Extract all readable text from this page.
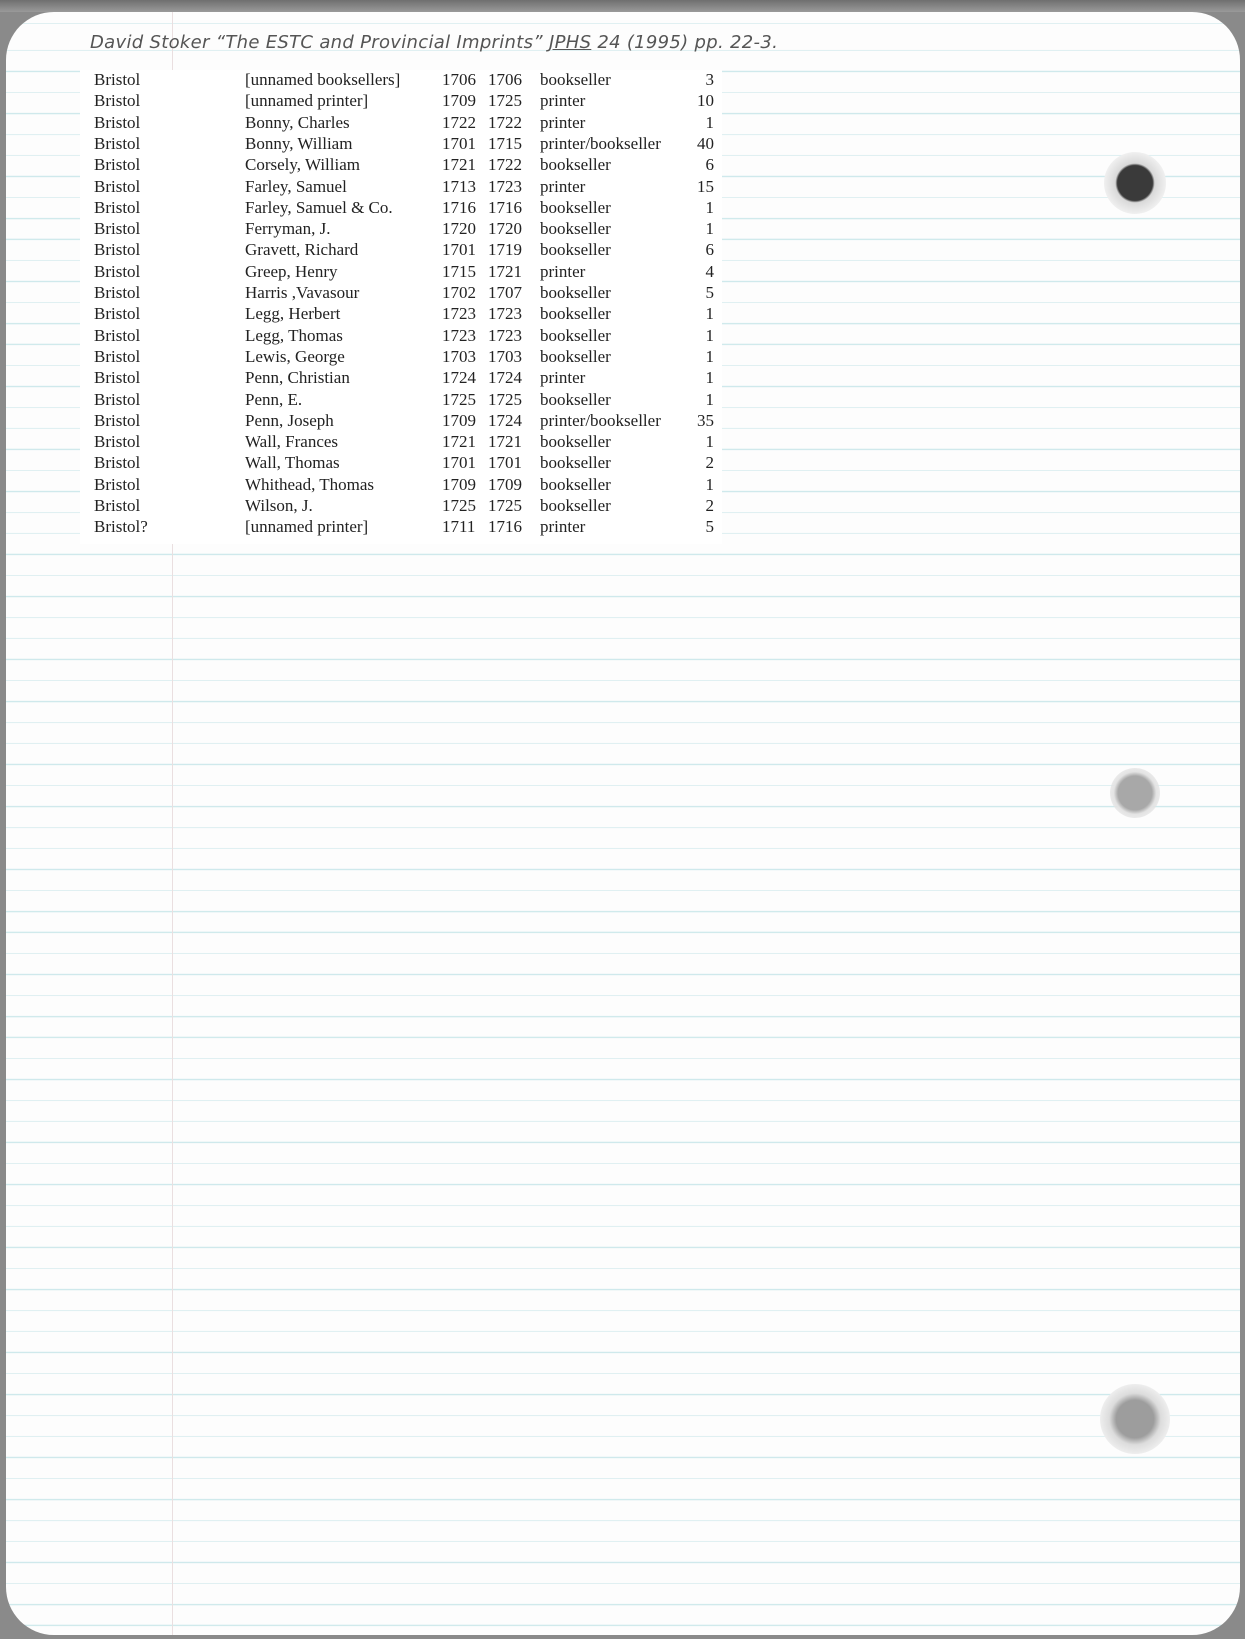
David Stoker “The ESTC and Provincial Imprints” JPHS 24 (1995) pp. 22-3.
Bristol	[unnamed booksellers] 1706 1706 bookseller	3
Bristol	[unnamed printer]	1709 1725 printer	10
Bristol	Bonny, Charles	1722 1722 printer	1
Bristol	Bonny, William	1701 1715 printer/bookseller 40
Bristol	Corsely, William	1721 1722 bookseller	6
Bristol	Farley, Samuel	1713 1723 printer	15
Bristol	Farley, Samuel & Co.	1716 1716 bookseller	1
Bristol	Ferryman, J.	1720 1720 bookseller	1
Bristol	Gravett, Richard	1701 1719 bookseller	6
Bristol	Greep, Henry	1715 1721 printer	4
Bristol	Harris ,Vavasour	1702 1707 bookseller	5
Bristol	Legg, Herbert	1723 1723 bookseller	1
Bristol	Legg, Thomas	1723 1723 bookseller	1
Bristol	Lewis, George	1703 1703 bookseller	1
Bristol	Penn, Christian	1724 1724 printer	1
Bristol	Penn, E.	1725 1725 bookseller	1
Bristol	Penn, Joseph	1709 1724 printer/bookseller 35
Bristol	Wall, Frances	1721 1721 bookseller	1
Bristol	Wall, Thomas	1701 1701 bookseller	2
Bristol	Whithead, Thomas	1709 1709 bookseller	1
Bristol	Wilson, J.	1725 1725 bookseller	2
Bristol?	[unnamed printer]	1711 1716 printer	5
